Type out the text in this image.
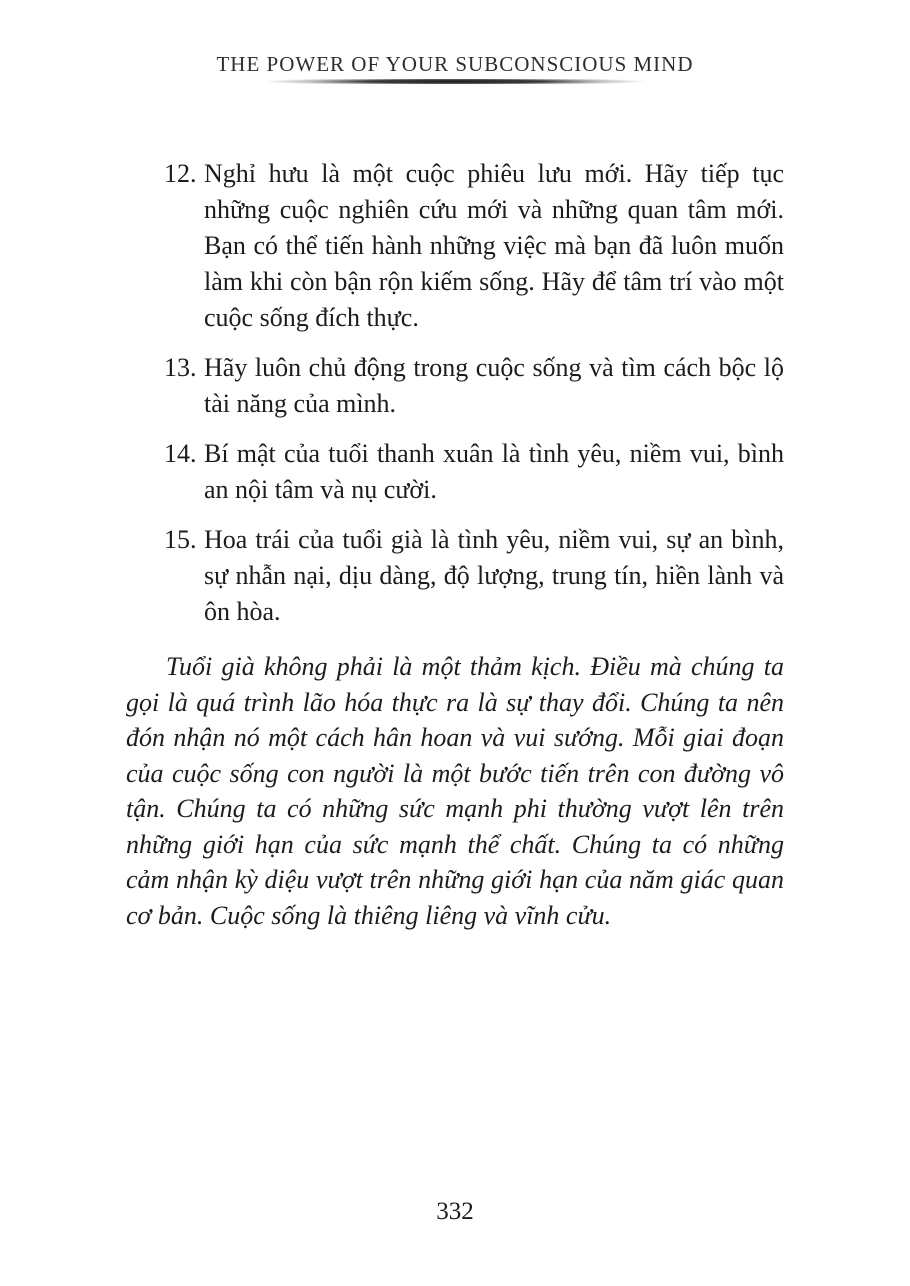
THE POWER OF YOUR SUBCONSCIOUS MIND
12. Nghỉ hưu là một cuộc phiêu lưu mới. Hãy tiếp tục những cuộc nghiên cứu mới và những quan tâm mới. Bạn có thể tiến hành những việc mà bạn đã luôn muốn làm khi còn bận rộn kiếm sống. Hãy để tâm trí vào một cuộc sống đích thực.
13. Hãy luôn chủ động trong cuộc sống và tìm cách bộc lộ tài năng của mình.
14. Bí mật của tuổi thanh xuân là tình yêu, niềm vui, bình an nội tâm và nụ cười.
15. Hoa trái của tuổi già là tình yêu, niềm vui, sự an bình, sự nhẫn nại, dịu dàng, độ lượng, trung tín, hiền lành và ôn hòa.

Tuổi già không phải là một thảm kịch. Điều mà chúng ta gọi là quá trình lão hóa thực ra là sự thay đổi. Chúng ta nên đón nhận nó một cách hân hoan và vui sướng. Mỗi giai đoạn của cuộc sống con người là một bước tiến trên con đường vô tận. Chúng ta có những sức mạnh phi thường vượt lên trên những giới hạn của sức mạnh thể chất. Chúng ta có những cảm nhận kỳ diệu vượt trên những giới hạn của năm giác quan cơ bản. Cuộc sống là thiêng liêng và vĩnh cửu.

332
